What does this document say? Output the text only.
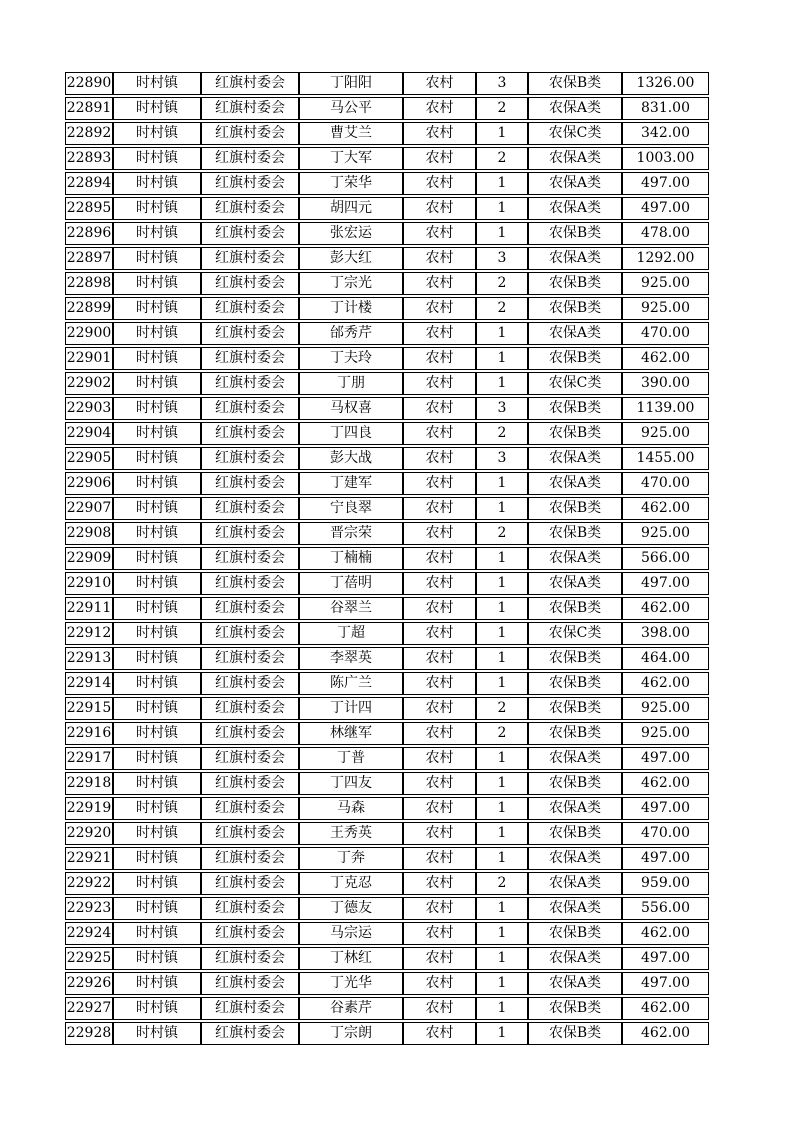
22890	时村镇	红旗村委会	丁阳阳	农村	3	农保B类	1326.00
22891	时村镇	红旗村委会	马公平	农村	2	农保A类	831.00
22892	时村镇	红旗村委会	曹艾兰	农村	1	农保C类	342.00
22893	时村镇	红旗村委会	丁大军	农村	2	农保A类	1003.00
22894	时村镇	红旗村委会	丁荣华	农村	1	农保A类	497.00
22895	时村镇	红旗村委会	胡四元	农村	1	农保A类	497.00
22896	时村镇	红旗村委会	张宏运	农村	1	农保B类	478.00
22897	时村镇	红旗村委会	彭大红	农村	3	农保A类	1292.00
22898	时村镇	红旗村委会	丁宗光	农村	2	农保B类	925.00
22899	时村镇	红旗村委会	丁计楼	农村	2	农保B类	925.00
22900	时村镇	红旗村委会	邰秀芹	农村	1	农保A类	470.00
22901	时村镇	红旗村委会	丁夫玲	农村	1	农保B类	462.00
22902	时村镇	红旗村委会	丁朋	农村	1	农保C类	390.00
22903	时村镇	红旗村委会	马权喜	农村	3	农保B类	1139.00
22904	时村镇	红旗村委会	丁四良	农村	2	农保B类	925.00
22905	时村镇	红旗村委会	彭大战	农村	3	农保A类	1455.00
22906	时村镇	红旗村委会	丁建军	农村	1	农保A类	470.00
22907	时村镇	红旗村委会	宁良翠	农村	1	农保B类	462.00
22908	时村镇	红旗村委会	晋宗荣	农村	2	农保B类	925.00
22909	时村镇	红旗村委会	丁楠楠	农村	1	农保A类	566.00
22910	时村镇	红旗村委会	丁蓓明	农村	1	农保A类	497.00
22911	时村镇	红旗村委会	谷翠兰	农村	1	农保B类	462.00
22912	时村镇	红旗村委会	丁超	农村	1	农保C类	398.00
22913	时村镇	红旗村委会	李翠英	农村	1	农保B类	464.00
22914	时村镇	红旗村委会	陈广兰	农村	1	农保B类	462.00
22915	时村镇	红旗村委会	丁计四	农村	2	农保B类	925.00
22916	时村镇	红旗村委会	林继军	农村	2	农保B类	925.00
22917	时村镇	红旗村委会	丁普	农村	1	农保A类	497.00
22918	时村镇	红旗村委会	丁四友	农村	1	农保B类	462.00
22919	时村镇	红旗村委会	马森	农村	1	农保A类	497.00
22920	时村镇	红旗村委会	王秀英	农村	1	农保B类	470.00
22921	时村镇	红旗村委会	丁奔	农村	1	农保A类	497.00
22922	时村镇	红旗村委会	丁克忍	农村	2	农保A类	959.00
22923	时村镇	红旗村委会	丁德友	农村	1	农保A类	556.00
22924	时村镇	红旗村委会	马宗运	农村	1	农保B类	462.00
22925	时村镇	红旗村委会	丁林红	农村	1	农保A类	497.00
22926	时村镇	红旗村委会	丁光华	农村	1	农保A类	497.00
22927	时村镇	红旗村委会	谷素芹	农村	1	农保B类	462.00
22928	时村镇	红旗村委会	丁宗朗	农村	1	农保B类	462.00
